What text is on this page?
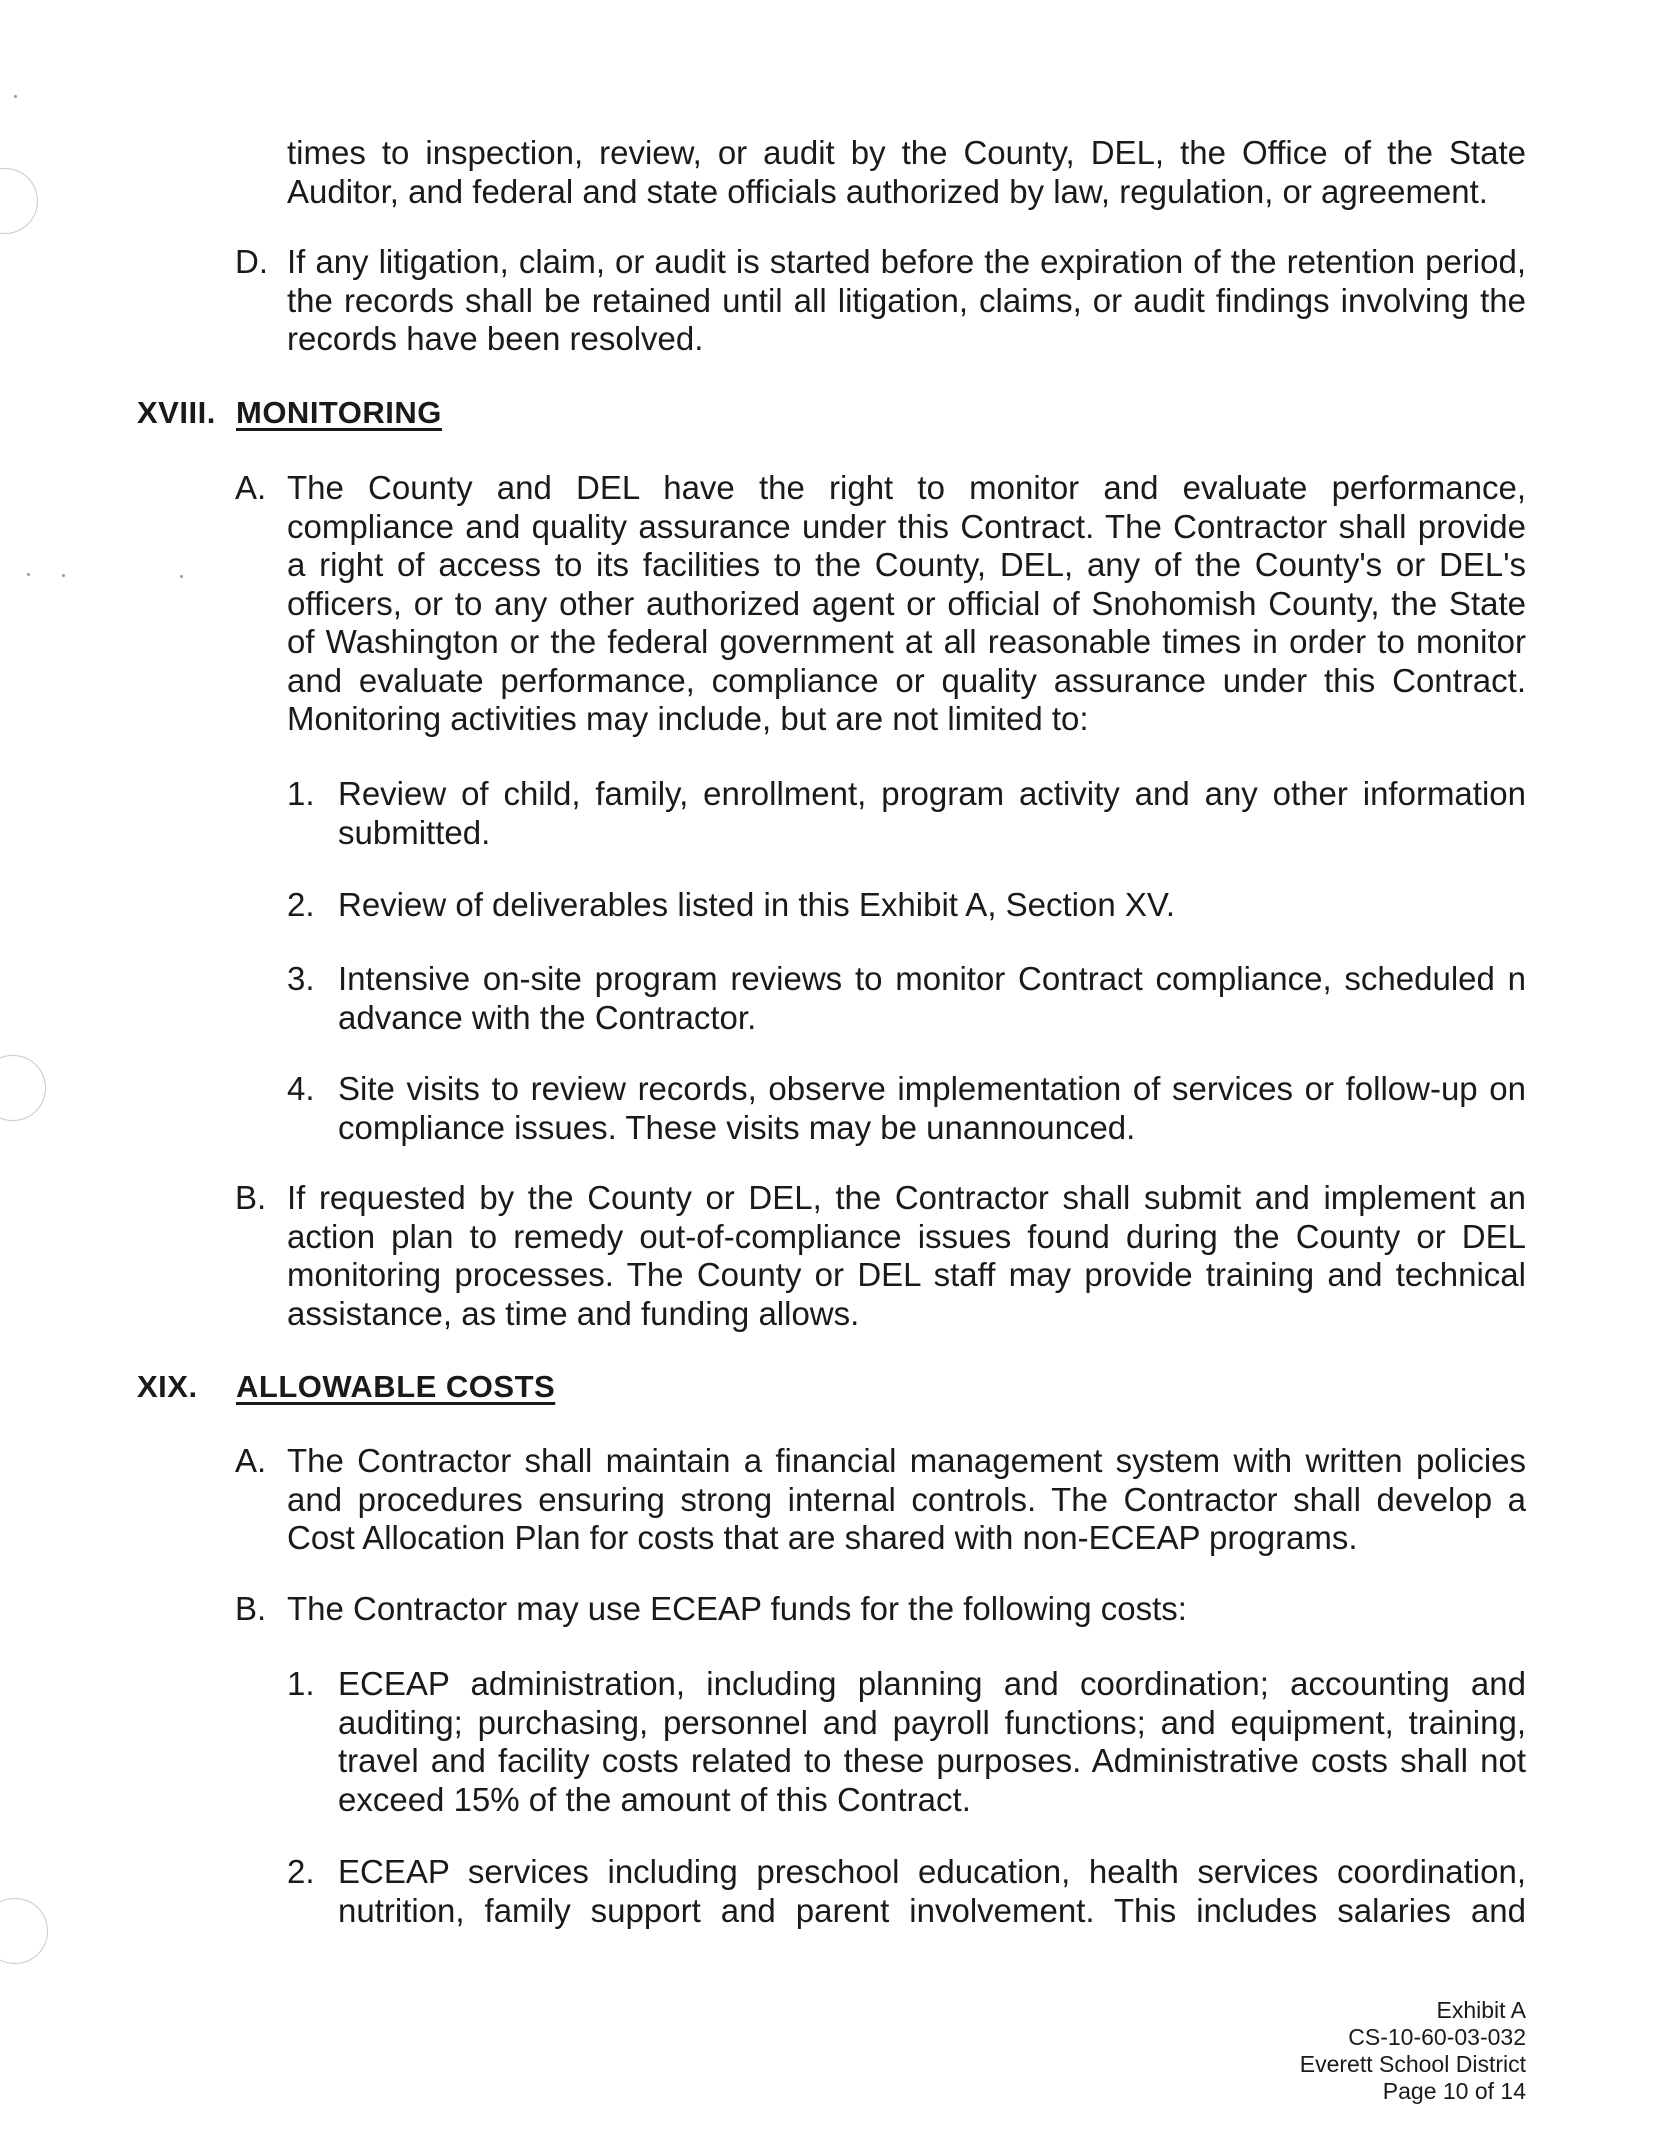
times to inspection, review, or audit by the County, DEL, the Office of the State Auditor, and federal and state officials authorized by law, regulation, or agreement.
D. If any litigation, claim, or audit is started before the expiration of the retention period, the records shall be retained until all litigation, claims, or audit findings involving the records have been resolved.
XVIII. MONITORING
A. The County and DEL have the right to monitor and evaluate performance, compliance and quality assurance under this Contract. The Contractor shall provide a right of access to its facilities to the County, DEL, any of the County's or DEL's officers, or to any other authorized agent or official of Snohomish County, the State of Washington or the federal government at all reasonable times in order to monitor and evaluate performance, compliance or quality assurance under this Contract. Monitoring activities may include, but are not limited to:
1. Review of child, family, enrollment, program activity and any other information submitted.
2. Review of deliverables listed in this Exhibit A, Section XV.
3. Intensive on-site program reviews to monitor Contract compliance, scheduled n advance with the Contractor.
4. Site visits to review records, observe implementation of services or follow-up on compliance issues. These visits may be unannounced.
B. If requested by the County or DEL, the Contractor shall submit and implement an action plan to remedy out-of-compliance issues found during the County or DEL monitoring processes. The County or DEL staff may provide training and technical assistance, as time and funding allows.
XIX. ALLOWABLE COSTS
A. The Contractor shall maintain a financial management system with written policies and procedures ensuring strong internal controls. The Contractor shall develop a Cost Allocation Plan for costs that are shared with non-ECEAP programs.
B. The Contractor may use ECEAP funds for the following costs:
1. ECEAP administration, including planning and coordination; accounting and auditing; purchasing, personnel and payroll functions; and equipment, training, travel and facility costs related to these purposes. Administrative costs shall not exceed 15% of the amount of this Contract.
2. ECEAP services including preschool education, health services coordination, nutrition, family support and parent involvement. This includes salaries and
Exhibit A
CS-10-60-03-032
Everett School District
Page 10 of 14
